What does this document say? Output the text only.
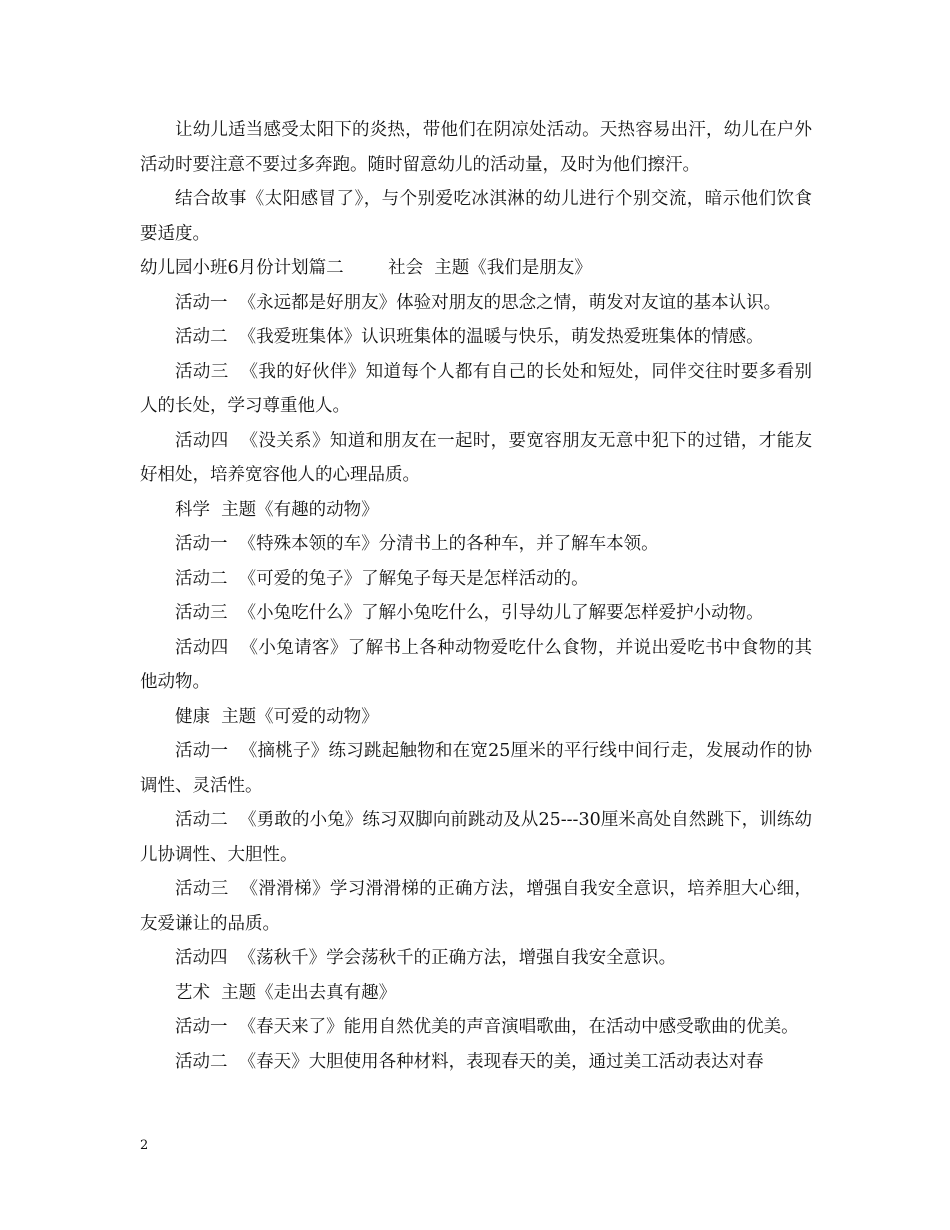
让幼儿适当感受太阳下的炎热，带他们在阴凉处活动。天热容易出汗，幼儿在户外活动时要注意不要过多奔跑。随时留意幼儿的活动量，及时为他们擦汗。

结合故事《太阳感冒了》，与个别爱吃冰淇淋的幼儿进行个别交流，暗示他们饮食要适度。

幼儿园小班6月份计划篇二        社会  主题《我们是朋友》

活动一  《永远都是好朋友》体验对朋友的思念之情，萌发对友谊的基本认识。

活动二  《我爱班集体》认识班集体的温暖与快乐，萌发热爱班集体的情感。

活动三  《我的好伙伴》知道每个人都有自己的长处和短处，同伴交往时要多看别人的长处，学习尊重他人。

活动四  《没关系》知道和朋友在一起时，要宽容朋友无意中犯下的过错，才能友好相处，培养宽容他人的心理品质。

科学  主题《有趣的动物》

活动一  《特殊本领的车》分清书上的各种车，并了解车本领。

活动二  《可爱的兔子》了解兔子每天是怎样活动的。

活动三  《小兔吃什么》了解小兔吃什么，引导幼儿了解要怎样爱护小动物。

活动四  《小兔请客》了解书上各种动物爱吃什么食物，并说出爱吃书中食物的其他动物。

健康  主题《可爱的动物》

活动一  《摘桃子》练习跳起触物和在宽25厘米的平行线中间行走，发展动作的协调性、灵活性。

活动二  《勇敢的小兔》练习双脚向前跳动及从25---30厘米高处自然跳下，训练幼儿协调性、大胆性。

活动三  《滑滑梯》学习滑滑梯的正确方法，增强自我安全意识，培养胆大心细，友爱谦让的品质。

活动四  《荡秋千》学会荡秋千的正确方法，增强自我安全意识。

艺术  主题《走出去真有趣》

活动一  《春天来了》能用自然优美的声音演唱歌曲，在活动中感受歌曲的优美。

活动二  《春天》大胆使用各种材料，表现春天的美，通过美工活动表达对春

2
